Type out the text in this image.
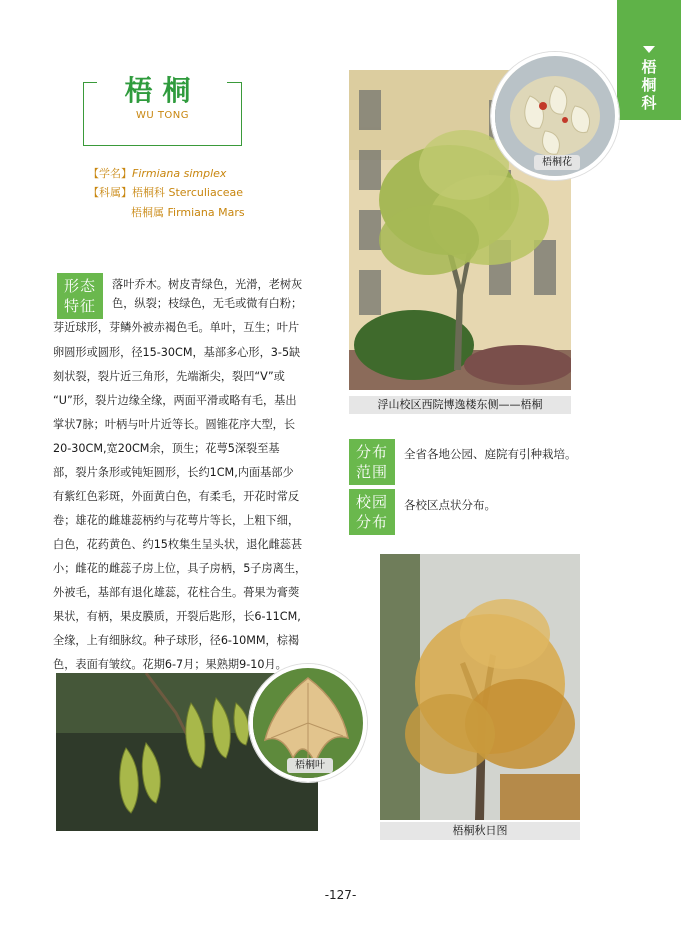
梧桐科
梧桐
WU TONG
【学名】Firmiana simplex
【科属】梧桐科 Sterculiaceae
梧桐属 Firmiana Mars
形态
特征
落叶乔木。树皮青绿色，光滑，老树灰
色，纵裂；枝绿色，无毛或微有白粉；
芽近球形，芽鳞外被赤褐色毛。单叶，互生；叶片
卵圆形或圆形，径15-30CM，基部多心形，3-5缺
刻状裂，裂片近三角形，先端渐尖，裂凹“V”或
“U”形，裂片边缘全缘，两面平滑或略有毛，基出
掌状7脉；叶柄与叶片近等长。圆锥花序大型，长
20-30CM,宽20CM余，顶生；花萼5深裂至基
部，裂片条形或钝矩圆形，长约1CM,内面基部少
有紫红色彩斑，外面黄白色，有柔毛，开花时常反
卷；雄花的雌雄蕊柄约与花萼片等长，上粗下细，
白色，花药黄色、约15枚集生呈头状，退化雌蕊甚
小；雌花的雌蕊子房上位，具子房柄，5子房离生，
外被毛，基部有退化雄蕊，花柱合生。蓇果为膏葖
果状，有柄，果皮膜质，开裂后匙形，长6-11CM,
全缘，上有细脉纹。种子球形，径6-10MM，棕褐
色，表面有皱纹。花期6-7月；果熟期9-10月。
浮山校区西院博逸楼东侧——梧桐
梧桐花
分布
范围
全省各地公园、庭院有引种栽培。
校园
分布
各校区点状分布。
梧桐秋日图
梧桐叶
-127-
